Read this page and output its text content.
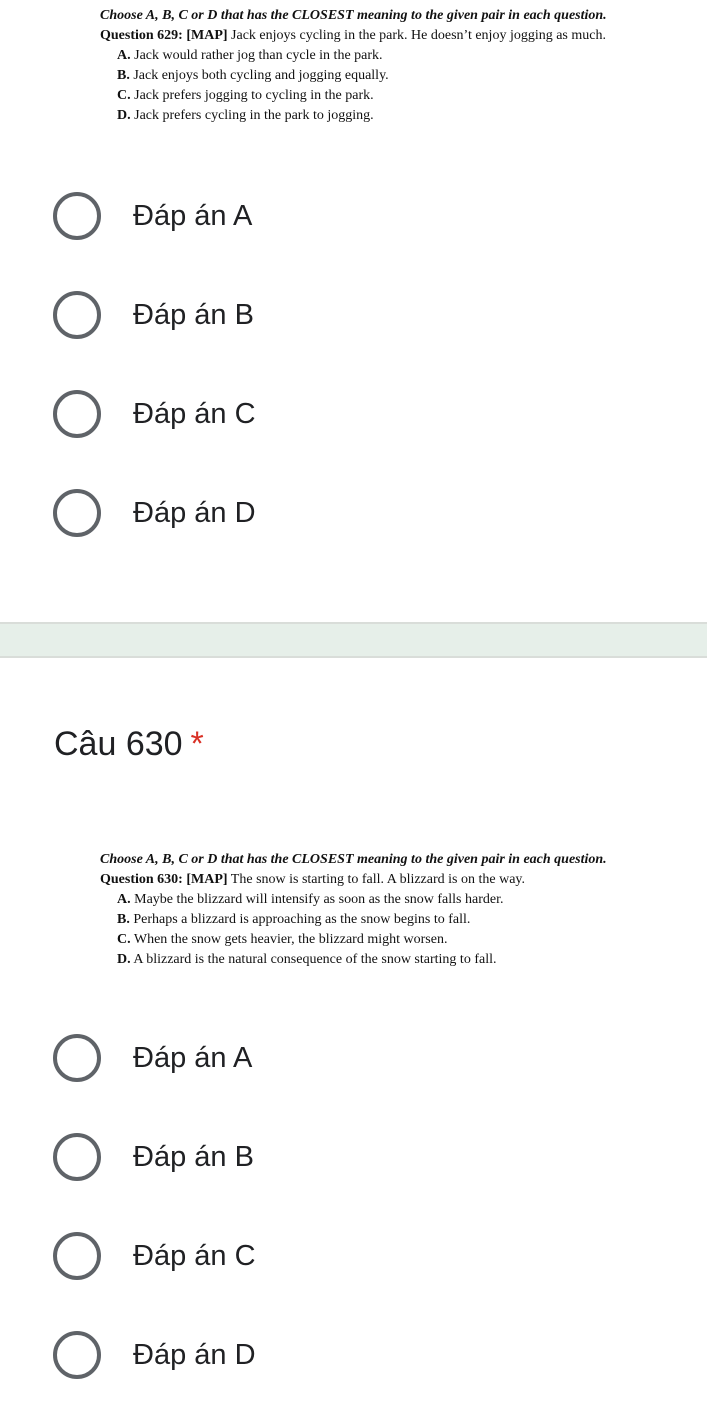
Choose A, B, C or D that has the CLOSEST meaning to the given pair in each question.
Question 629: [MAP] Jack enjoys cycling in the park. He doesn’t enjoy jogging as much.
A. Jack would rather jog than cycle in the park.
B. Jack enjoys both cycling and jogging equally.
C. Jack prefers jogging to cycling in the park.
D. Jack prefers cycling in the park to jogging.
Đáp án A
Đáp án B
Đáp án C
Đáp án D
Câu 630 *
Choose A, B, C or D that has the CLOSEST meaning to the given pair in each question.
Question 630: [MAP] The snow is starting to fall. A blizzard is on the way.
A. Maybe the blizzard will intensify as soon as the snow falls harder.
B. Perhaps a blizzard is approaching as the snow begins to fall.
C. When the snow gets heavier, the blizzard might worsen.
D. A blizzard is the natural consequence of the snow starting to fall.
Đáp án A
Đáp án B
Đáp án C
Đáp án D
